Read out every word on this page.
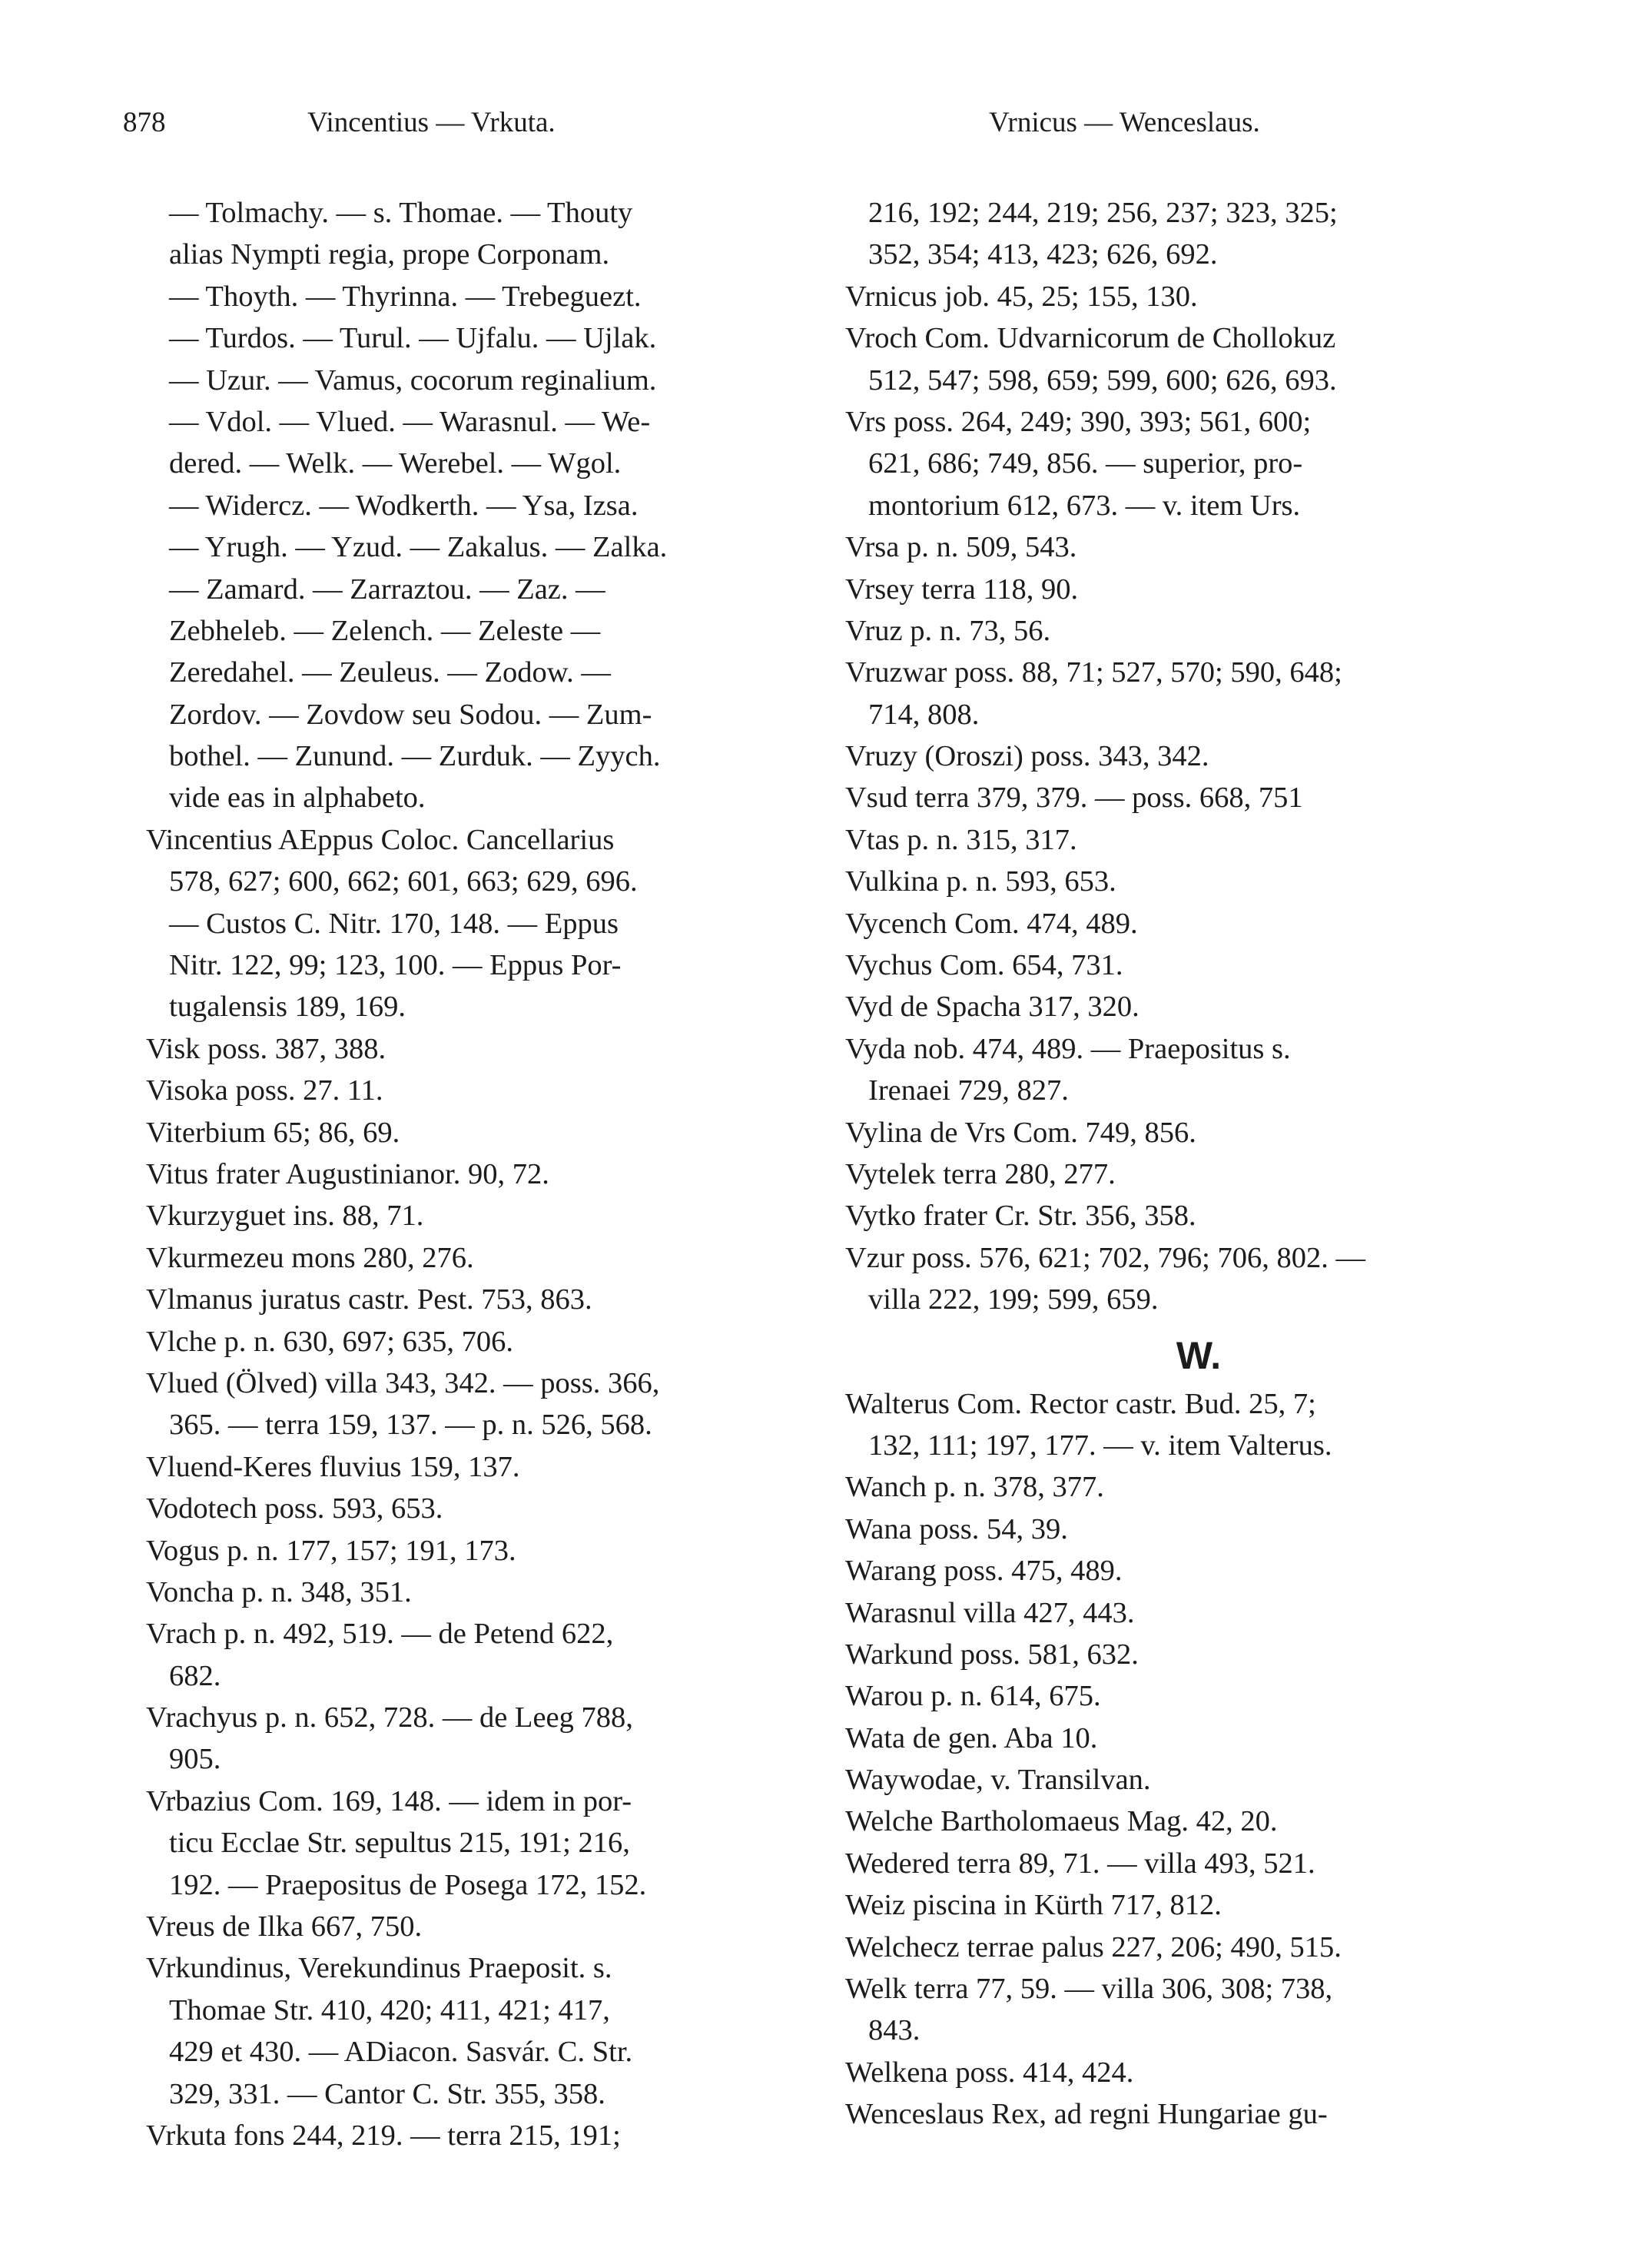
878	Vincentius — Vrkuta.	Vrnicus — Wenceslaus.
— Tolmachy. — s. Thomae. — Thouty
alias Nympti regia, prope Corponam.
— Thoyth. — Thyrinna. — Trebeguezt.
— Turdos. — Turul. — Ujfalu. — Ujlak.
— Uzur. — Vamus, cocorum reginalium.
— Vdol. — Vlued. — Warasnul. — We-
dered. — Welk. — Werebel. — Wgol.
— Widercz. — Wodkerth. — Ysa, Izsa.
— Yrugh. — Yzud. — Zakalus. — Zalka.
— Zamard. — Zarraztou. — Zaz. —
Zebheleb. — Zelench. — Zeleste —
Zeredahel. — Zeuleus. — Zodow. —
Zordov. — Zovdow seu Sodou. — Zum-
bothel. — Zunund. — Zurduk. — Zyych.
vide eas in alphabeto.
Vincentius AEppus Coloc. Cancellarius
578, 627; 600, 662; 601, 663; 629, 696.
— Custos C. Nitr. 170, 148. — Eppus
Nitr. 122, 99; 123, 100. — Eppus Por-
tugalensis 189, 169.
Visk poss. 387, 388.
Visoka poss. 27. 11.
Viterbium 65; 86, 69.
Vitus frater Augustinianor. 90, 72.
Vkurzyguet ins. 88, 71.
Vkurmezeu mons 280, 276.
Vlmanus juratus castr. Pest. 753, 863.
Vlche p. n. 630, 697; 635, 706.
Vlued (Ölved) villa 343, 342. — poss. 366,
365. — terra 159, 137. — p. n. 526, 568.
Vluend-Keres fluvius 159, 137.
Vodotech poss. 593, 653.
Vogus p. n. 177, 157; 191, 173.
Voncha p. n. 348, 351.
Vrach p. n. 492, 519. — de Petend 622,
682.
Vrachyus p. n. 652, 728. — de Leeg 788,
905.
Vrbazius Com. 169, 148. — idem in por-
ticu Ecclae Str. sepultus 215, 191; 216,
192. — Praepositus de Posega 172, 152.
Vreus de Ilka 667, 750.
Vrkundinus, Verekundinus Praeposit. s.
Thomae Str. 410, 420; 411, 421; 417,
429 et 430. — ADiacon. Sasvár. C. Str.
329, 331. — Cantor C. Str. 355, 358.
Vrkuta fons 244, 219. — terra 215, 191;
216, 192; 244, 219; 256, 237; 323, 325;
352, 354; 413, 423; 626, 692.
Vrnicus job. 45, 25; 155, 130.
Vroch Com. Udvarnicorum de Chollokuz
512, 547; 598, 659; 599, 600; 626, 693.
Vrs poss. 264, 249; 390, 393; 561, 600;
621, 686; 749, 856. — superior, pro-
montorium 612, 673. — v. item Urs.
Vrsa p. n. 509, 543.
Vrsey terra 118, 90.
Vruz p. n. 73, 56.
Vruzwar poss. 88, 71; 527, 570; 590, 648;
714, 808.
Vruzy (Oroszi) poss. 343, 342.
Vsud terra 379, 379. — poss. 668, 751
Vtas p. n. 315, 317.
Vulkina p. n. 593, 653.
Vycench Com. 474, 489.
Vychus Com. 654, 731.
Vyd de Spacha 317, 320.
Vyda nob. 474, 489. — Praepositus s.
Irenaei 729, 827.
Vylina de Vrs Com. 749, 856.
Vytelek terra 280, 277.
Vytko frater Cr. Str. 356, 358.
Vzur poss. 576, 621; 702, 796; 706, 802. —
villa 222, 199; 599, 659.
W.
Walterus Com. Rector castr. Bud. 25, 7;
132, 111; 197, 177. — v. item Valterus.
Wanch p. n. 378, 377.
Wana poss. 54, 39.
Warang poss. 475, 489.
Warasnul villa 427, 443.
Warkund poss. 581, 632.
Warou p. n. 614, 675.
Wata de gen. Aba 10.
Waywodae, v. Transilvan.
Welche Bartholomaeus Mag. 42, 20.
Wedered terra 89, 71. — villa 493, 521.
Weiz piscina in Kürth 717, 812.
Welchecz terrae palus 227, 206; 490, 515.
Welk terra 77, 59. — villa 306, 308; 738,
843.
Welkena poss. 414, 424.
Wenceslaus Rex, ad regni Hungariae gu-
